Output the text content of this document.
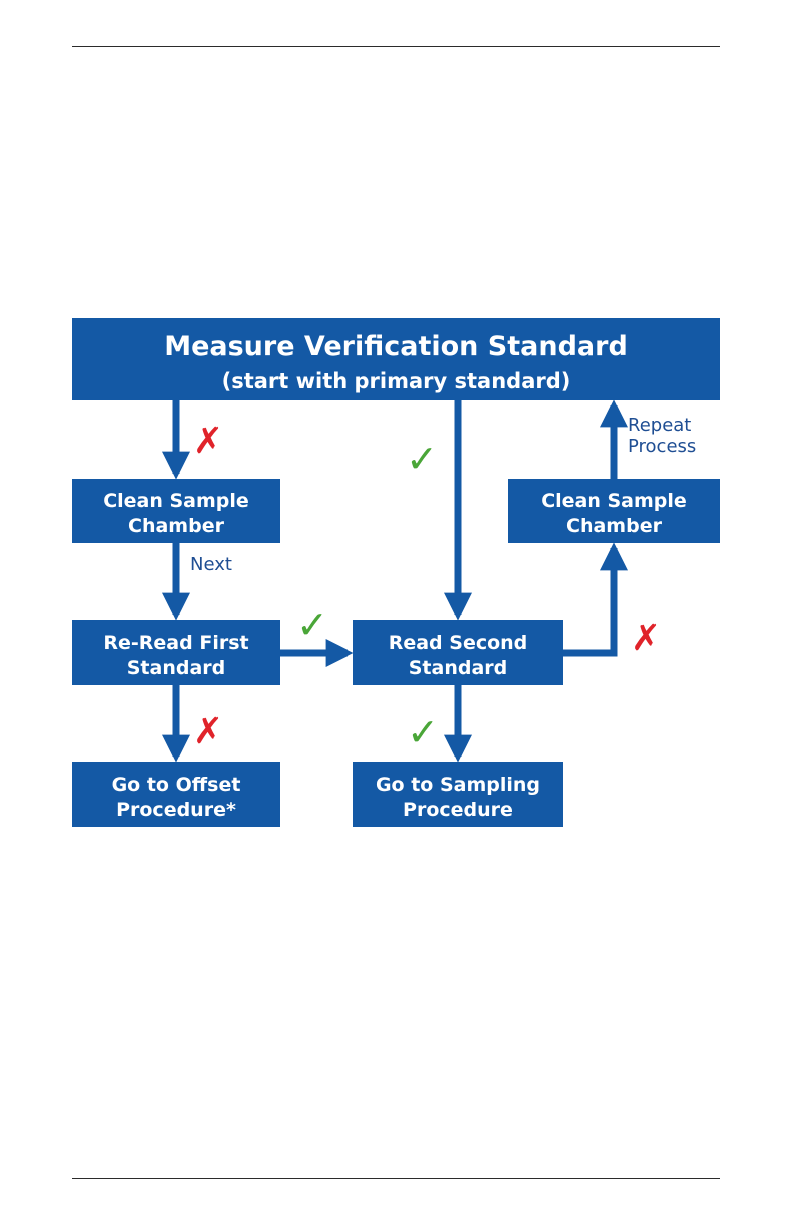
Measure Verification Standard
(start with primary standard)
Clean Sample
Chamber
Re-Read First
Standard
Go to Offset
Procedure*
Read Second
Standard
Go to Sampling
Procedure
Clean Sample
Chamber
Next
Repeat
Process
✗	✓
✓	✗
✗	✓
